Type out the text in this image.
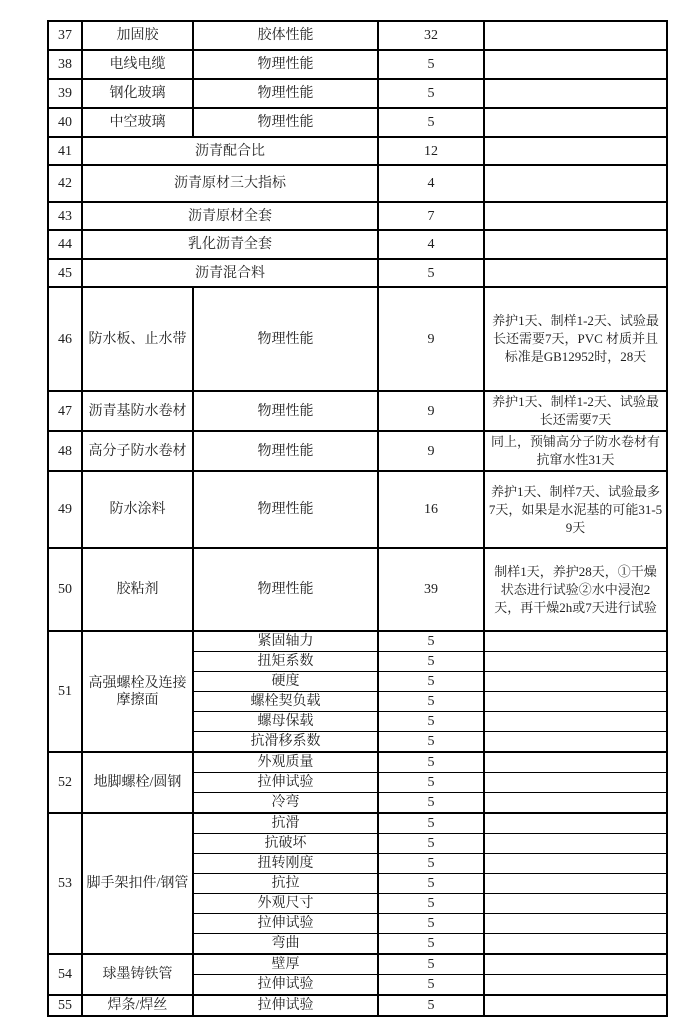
37	加固胶	胶体性能	32	
38	电线电缆	物理性能	5	
39	钢化玻璃	物理性能	5	
40	中空玻璃	物理性能	5	
41	沥青配合比		12	
42	沥青原材三大指标		4	
43	沥青原材全套		7	
44	乳化沥青全套		4	
45	沥青混合料		5	
46	防水板、止水带	物理性能	9	养护1天、制样1-2天、试验最长还需要7天，PVC 材质并且标准是GB12952时，28天
47	沥青基防水卷材	物理性能	9	养护1天、制样1-2天、试验最长还需要7天
48	高分子防水卷材	物理性能	9	同上，预铺高分子防水卷材有抗窜水性31天
49	防水涂料	物理性能	16	养护1天、制样7天、试验最多7天，如果是水泥基的可能31-59天
50	胶粘剂	物理性能	39	制样1天，养护28天，①干燥状态进行试验②水中浸泡2天，再干燥2h或7天进行试验
51	高强螺栓及连接摩擦面	紧固轴力	5	
		扭矩系数	5	
		硬度	5	
		螺栓契负载	5	
		螺母保载	5	
		抗滑移系数	5	
52	地脚螺栓/圆钢	外观质量	5	
		拉伸试验	5	
		冷弯	5	
53	脚手架扣件/钢管	抗滑	5	
		抗破坏	5	
		扭转刚度	5	
		抗拉	5	
		外观尺寸	5	
		拉伸试验	5	
		弯曲	5	
54	球墨铸铁管	壁厚	5	
		拉伸试验	5	
55	焊条/焊丝	拉伸试验	5	
